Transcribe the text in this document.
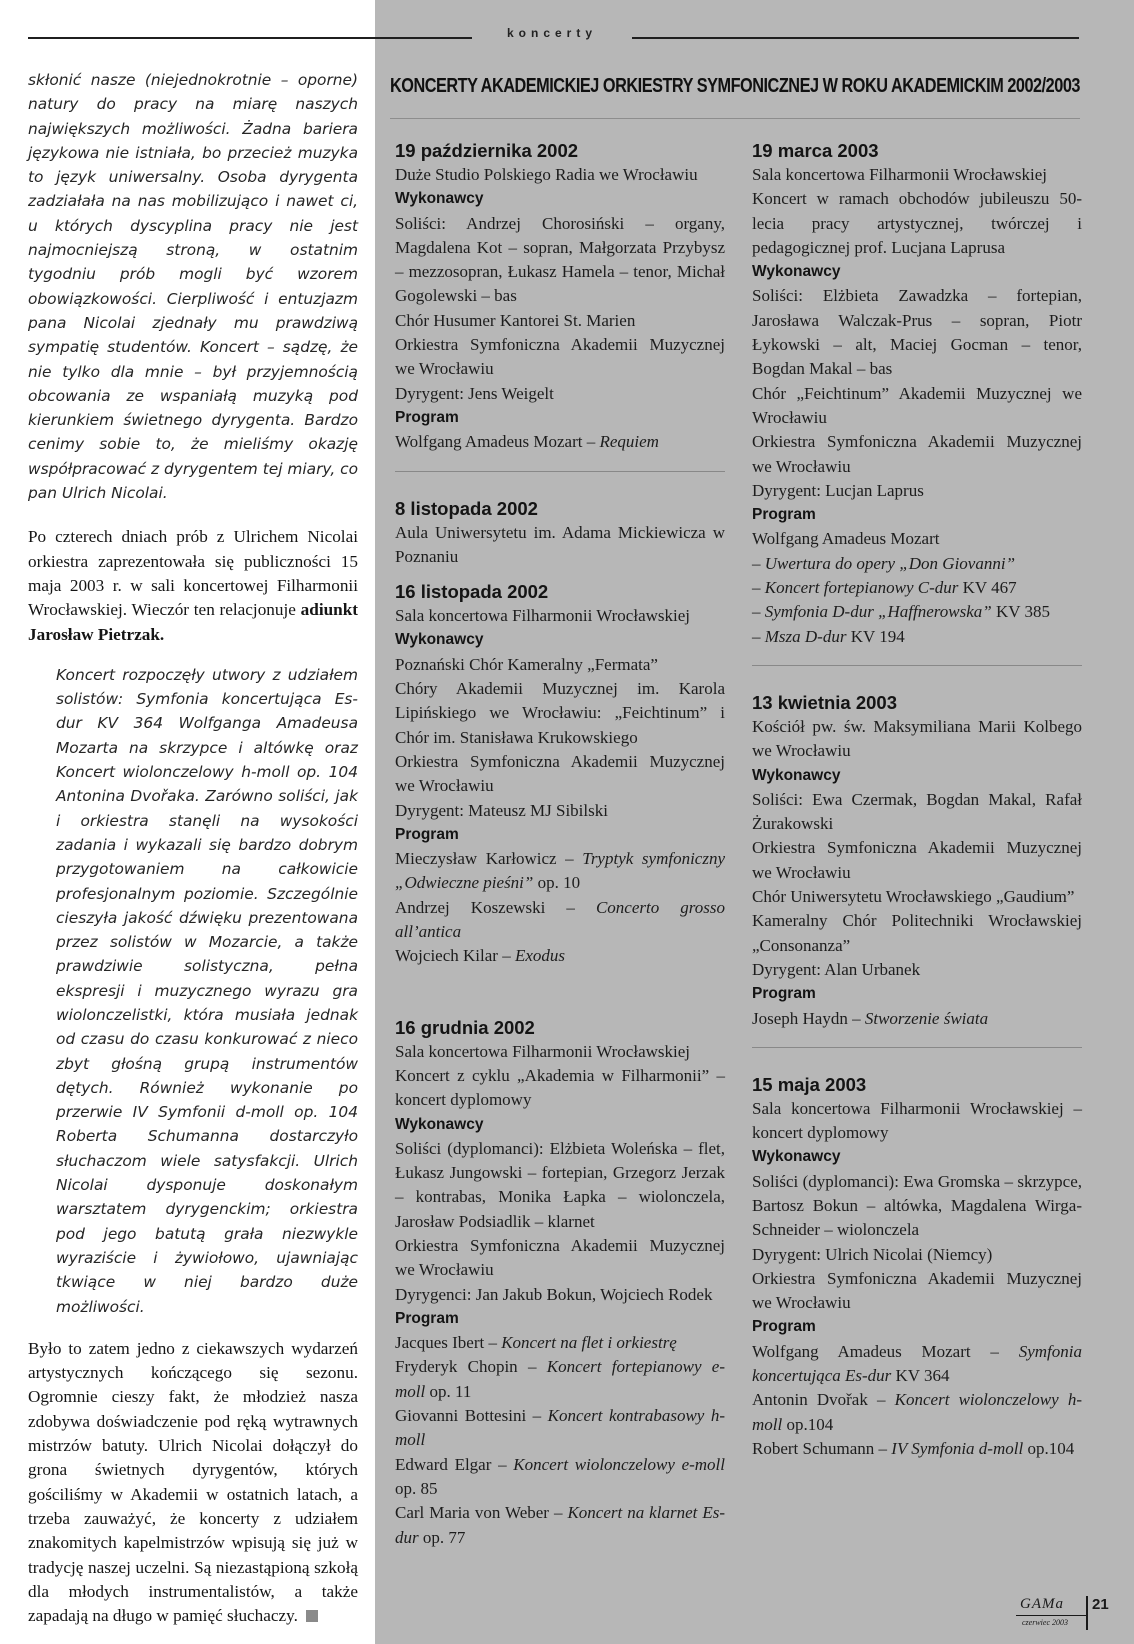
koncerty

skłonić nasze (niejednokrotnie – oporne) natury do pracy na miarę naszych największych możliwości. Żadna bariera językowa nie istniała, bo przecież muzyka to język uniwersalny. Osoba dyrygenta zadziałała na nas mobilizująco i nawet ci, u których dyscyplina pracy nie jest najmocniejszą stroną, w ostatnim tygodniu prób mogli być wzorem obowiązkowości. Cierpliwość i entuzjazm pana Nicolai zjednały mu prawdziwą sympatię studentów. Koncert – sądzę, że nie tylko dla mnie – był przyjemnością obcowania ze wspaniałą muzyką pod kierunkiem świetnego dyrygenta. Bardzo cenimy sobie to, że mieliśmy okazję współpracować z dyrygentem tej miary, co pan Ulrich Nicolai.

Po czterech dniach prób z Ulrichem Nicolai orkiestra zaprezentowała się publiczności 15 maja 2003 r. w sali koncertowej Filharmonii Wrocławskiej. Wieczór ten relacjonuje adiunkt Jarosław Pietrzak.

Koncert rozpoczęły utwory z udziałem solistów: Symfonia koncertująca Es-dur KV 364 Wolfganga Amadeusa Mozarta na skrzypce i altówkę oraz Koncert wiolonczelowy h-moll op. 104 Antonina Dvořaka. Zarówno soliści, jak i orkiestra stanęli na wysokości zadania i wykazali się bardzo dobrym przygotowaniem na całkowicie profesjonalnym poziomie. Szczególnie cieszyła jakość dźwięku prezentowana przez solistów w Mozarcie, a także prawdziwie solistyczna, pełna ekspresji i muzycznego wyrazu gra wiolonczelistki, która musiała jednak od czasu do czasu konkurować z nieco zbyt głośną grupą instrumentów dętych. Również wykonanie po przerwie IV Symfonii d-moll op. 104 Roberta Schumanna dostarczyło słuchaczom wiele satysfakcji. Ulrich Nicolai dysponuje doskonałym warsztatem dyrygenckim; orkiestra pod jego batutą grała niezwykle wyraziście i żywiołowo, ujawniając tkwiące w niej bardzo duże możliwości.

Było to zatem jedno z ciekawszych wydarzeń artystycznych kończącego się sezonu. Ogromnie cieszy fakt, że młodzież nasza zdobywa doświadczenie pod ręką wytrawnych mistrzów batuty. Ulrich Nicolai dołączył do grona świetnych dyrygentów, których gościliśmy w Akademii w ostatnich latach, a trzeba zauważyć, że koncerty z udziałem znakomitych kapelmistrzów wpisują się już w tradycję naszej uczelni. Są niezastąpioną szkołą dla młodych instrumentalistów, a także zapadają na długo w pamięć słuchaczy.

KONCERTY AKADEMICKIEJ ORKIESTRY SYMFONICZNEJ W ROKU AKADEMICKIM 2002/2003
19 października 2002
Duże Studio Polskiego Radia we Wrocławiu
Wykonawcy
Soliści: Andrzej Chorosiński – organy, Magdalena Kot – sopran, Małgorzata Przybysz – mezzosopran, Łukasz Hamela – tenor, Michał Gogolewski – bas
Chór Husumer Kantorei St. Marien
Orkiestra Symfoniczna Akademii Muzycznej we Wrocławiu
Dyrygent: Jens Weigelt
Program
Wolfgang Amadeus Mozart – Requiem
8 listopada 2002
Aula Uniwersytetu im. Adama Mickiewicza w Poznaniu
16 listopada 2002
Sala koncertowa Filharmonii Wrocławskiej
Wykonawcy
Poznański Chór Kameralny „Fermata”
Chóry Akademii Muzycznej im. Karola Lipińskiego we Wrocławiu: „Feichtinum” i Chór im. Stanisława Krukowskiego
Orkiestra Symfoniczna Akademii Muzycznej we Wrocławiu
Dyrygent: Mateusz MJ Sibilski
Program
Mieczysław Karłowicz – Tryptyk symfoniczny „Odwieczne pieśni” op. 10
Andrzej Koszewski – Concerto grosso all’antica
Wojciech Kilar – Exodus
16 grudnia 2002
Sala koncertowa Filharmonii Wrocławskiej
Koncert z cyklu „Akademia w Filharmonii” – koncert dyplomowy
Wykonawcy
Soliści (dyplomanci): Elżbieta Woleńska – flet, Łukasz Jungowski – fortepian, Grzegorz Jerzak – kontrabas, Monika Łapka – wiolonczela, Jarosław Podsiadlik – klarnet
Orkiestra Symfoniczna Akademii Muzycznej we Wrocławiu
Dyrygenci: Jan Jakub Bokun, Wojciech Rodek
Program
Jacques Ibert – Koncert na flet i orkiestrę
Fryderyk Chopin – Koncert fortepianowy e-moll op. 11
Giovanni Bottesini – Koncert kontrabasowy h-moll
Edward Elgar – Koncert wiolonczelowy e-moll op. 85
Carl Maria von Weber – Koncert na klarnet Es-dur op. 77
19 marca 2003
Sala koncertowa Filharmonii Wrocławskiej
Koncert w ramach obchodów jubileuszu 50-lecia pracy artystycznej, twórczej i pedagogicznej prof. Lucjana Laprusa
Wykonawcy
Soliści: Elżbieta Zawadzka – fortepian, Jarosława Walczak-Prus – sopran, Piotr Łykowski – alt, Maciej Gocman – tenor, Bogdan Makal – bas
Chór „Feichtinum” Akademii Muzycznej we Wrocławiu
Orkiestra Symfoniczna Akademii Muzycznej we Wrocławiu
Dyrygent: Lucjan Laprus
Program
Wolfgang Amadeus Mozart
– Uwertura do opery „Don Giovanni”
– Koncert fortepianowy C-dur KV 467
– Symfonia D-dur „Haffnerowska” KV 385
– Msza D-dur KV 194
13 kwietnia 2003
Kościół pw. św. Maksymiliana Marii Kolbego we Wrocławiu
Wykonawcy
Soliści: Ewa Czermak, Bogdan Makal, Rafał Żurakowski
Orkiestra Symfoniczna Akademii Muzycznej we Wrocławiu
Chór Uniwersytetu Wrocławskiego „Gaudium”
Kameralny Chór Politechniki Wrocławskiej „Consonanza”
Dyrygent: Alan Urbanek
Program
Joseph Haydn – Stworzenie świata
15 maja 2003
Sala koncertowa Filharmonii Wrocławskiej – koncert dyplomowy
Wykonawcy
Soliści (dyplomanci): Ewa Gromska – skrzypce, Bartosz Bokun – altówka, Magdalena Wirga-Schneider – wiolonczela
Dyrygent: Ulrich Nicolai (Niemcy)
Orkiestra Symfoniczna Akademii Muzycznej we Wrocławiu
Program
Wolfgang Amadeus Mozart – Symfonia koncertująca Es-dur KV 364
Antonin Dvořak – Koncert wiolonczelowy h-moll op.104
Robert Schumann – IV Symfonia d-moll op.104
GAMa
czerwiec 2003
21
